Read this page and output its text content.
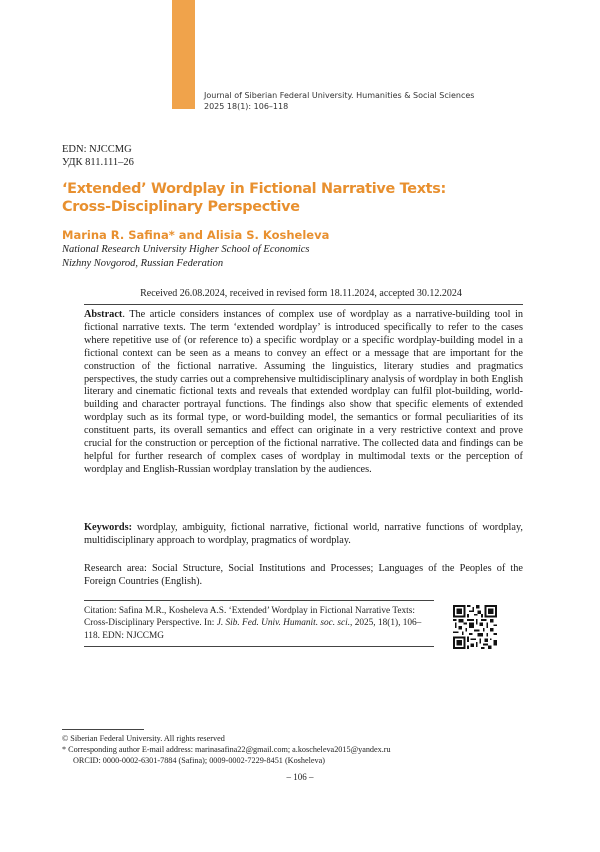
Journal of Siberian Federal University. Humanities & Social Sciences
2025 18(1): 106–118
EDN: NJCCMG
УДК 811.111–26
‘Extended’ Wordplay in Fictional Narrative Texts:
Cross-Disciplinary Perspective
Marina R. Safina* and Alisia S. Kosheleva
National Research University Higher School of Economics
Nizhny Novgorod, Russian Federation
Received 26.08.2024, received in revised form 18.11.2024, accepted 30.12.2024

Abstract. The article considers instances of complex use of wordplay as a narrative-building tool in fictional narrative texts. The term ‘extended wordplay’ is introduced specifically to refer to the cases where repetitive use of (or reference to) a specific wordplay or a specific wordplay-building model in a fictional context can be seen as a means to convey an effect or a message that are important for the construction of the fictional narrative. Assuming the linguistics, literary studies and pragmatics perspectives, the study carries out a comprehensive multidisciplinary analysis of wordplay in both English literary and cinematic fictional texts and reveals that extended wordplay can fulfil plot-building, world-building and character portrayal functions. The findings also show that specific elements of extended wordplay such as its formal type, or word-building model, the semantics or formal peculiarities of its constituent parts, its overall semantics and effect can originate in a very restrictive context and prove crucial for the construction or perception of the fictional narrative. The collected data and findings can be helpful for further research of complex cases of wordplay in multimodal texts or the perception of wordplay and English-Russian wordplay translation by the audiences.

Keywords: wordplay, ambiguity, fictional narrative, fictional world, narrative functions of wordplay, multidisciplinary approach to wordplay, pragmatics of wordplay.

Research area: Social Structure, Social Institutions and Processes; Languages of the Peoples of the Foreign Countries (English).

Citation: Safina M.R., Kosheleva A.S. ‘Extended’ Wordplay in Fictional Narrative Texts: Cross-Disciplinary Perspective. In: J. Sib. Fed. Univ. Humanit. soc. sci., 2025, 18(1), 106–118. EDN: NJCCMG
© Siberian Federal University. All rights reserved
* Corresponding author E-mail address: marinasafina22@gmail.com; a.koscheleva2015@yandex.ru
ORCID: 0000-0002-6301-7884 (Safina); 0009-0002-7229-8451 (Kosheleva)
– 106 –
